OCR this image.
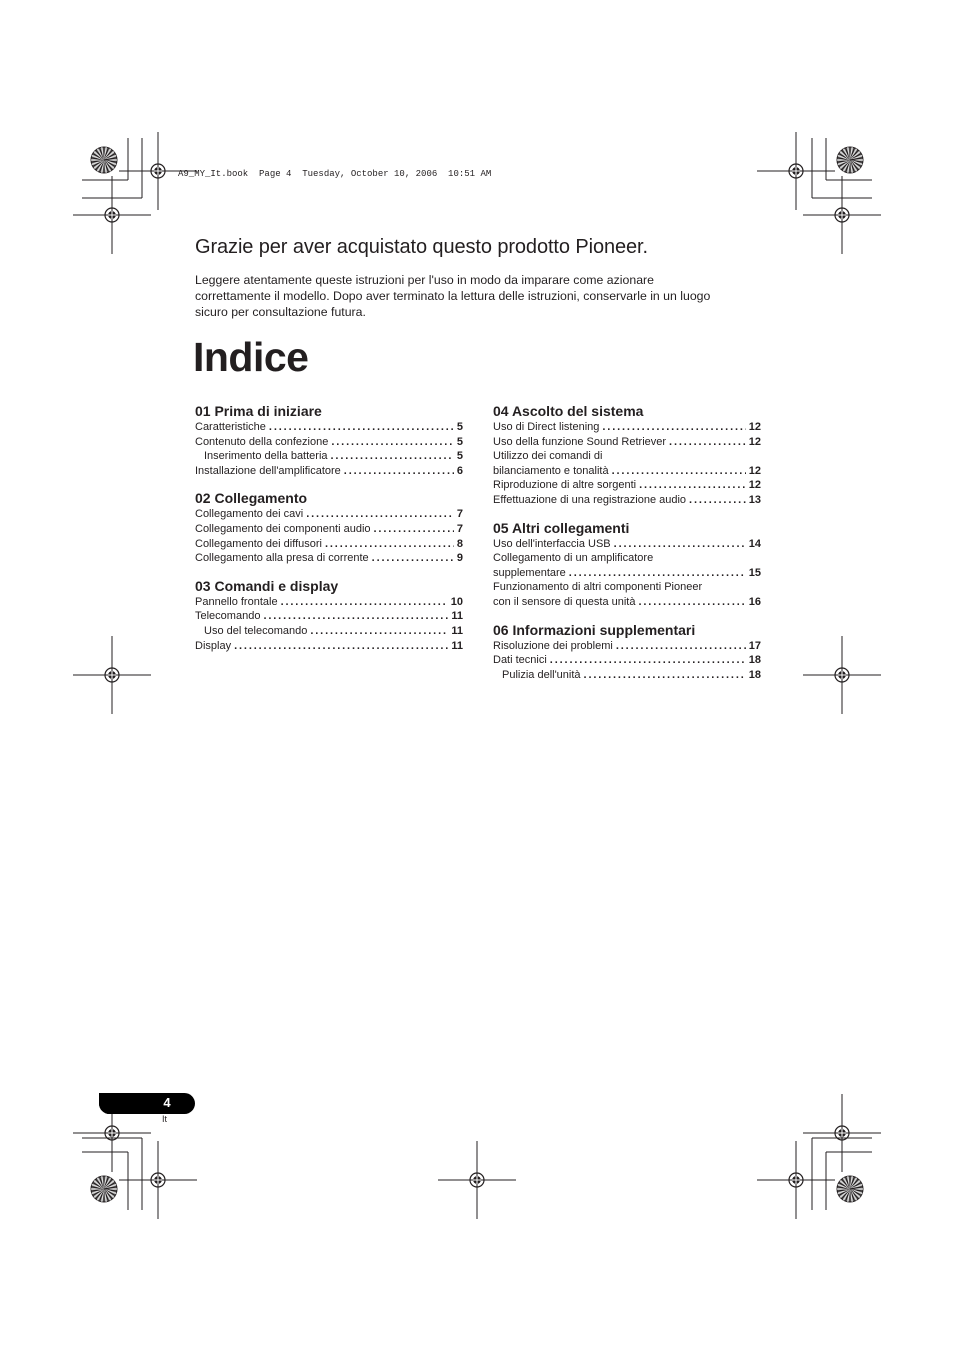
A9_MY_It.book  Page 4  Tuesday, October 10, 2006  10:51 AM
Grazie per aver acquistato questo prodotto Pioneer.

Leggere atentamente queste istruzioni per l'uso in modo da imparare come azionare
correttamente il modello. Dopo aver terminato la lettura delle istruzioni, conservarle in un luogo
sicuro per consultazione futura.

Indice
01 Prima di iniziare
Caratteristiche . . .	5
Contenuto della confezione . . .	5
Inserimento della batteria . . .	5
Installazione dell'amplificatore . . .	6
02 Collegamento
Collegamento dei cavi . . .	7
Collegamento dei componenti audio . . .	7
Collegamento dei diffusori . . .	8
Collegamento alla presa di corrente . . .	9
03 Comandi e display
Pannello frontale . . .	10
Telecomando . . .	11
Uso del telecomando . . .	11
Display . . .	11
04 Ascolto del sistema
Uso di Direct listening . . .	12
Uso della funzione Sound Retriever . . .	12
Utilizzo dei comandi di
bilanciamento e tonalità . . .	12
Riproduzione di altre sorgenti . . .	12
Effettuazione di una registrazione audio . . .	13
05 Altri collegamenti
Uso dell'interfaccia USB . . .	14
Collegamento di un amplificatore
supplementare . . .	15
Funzionamento di altri componenti Pioneer
con il sensore di questa unità . . .	16
06 Informazioni supplementari
Risoluzione dei problemi . . .	17
Dati tecnici . . .	18
Pulizia dell'unità . . .	18
4
It
